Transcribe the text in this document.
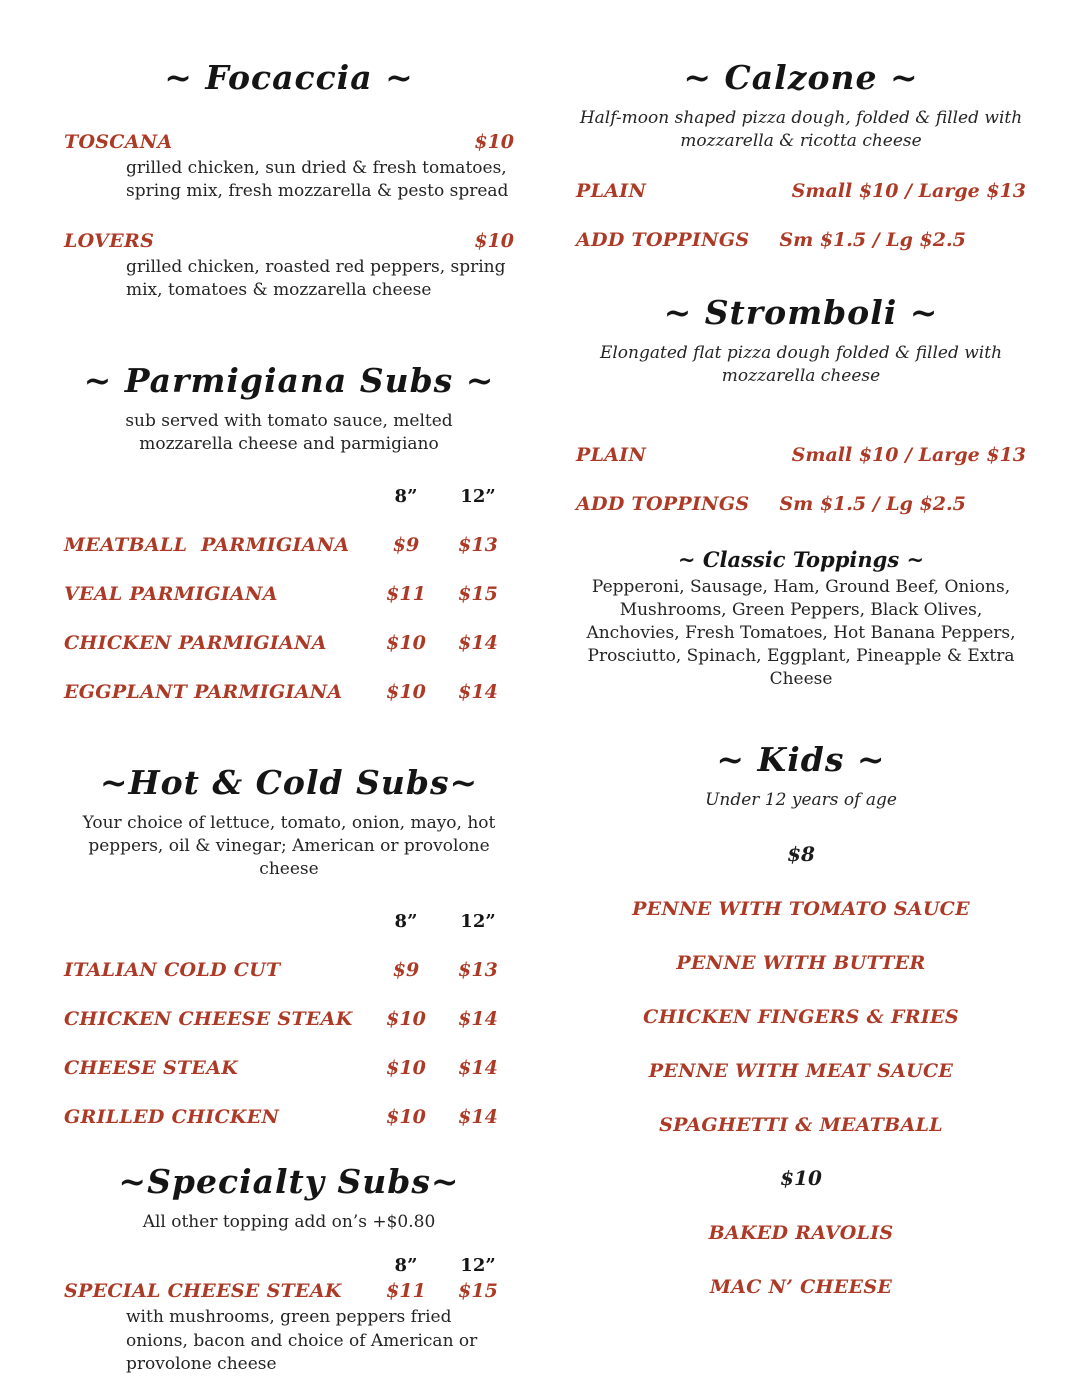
~ Focaccia ~
TOSCANA	$10

grilled chicken, sun dried & fresh tomatoes, spring mix, fresh mozzarella & pesto spread

LOVERS	$10

grilled chicken, roasted red peppers, spring mix, tomatoes & mozzarella cheese

~ Parmigiana Subs ~

sub served with tomato sauce, melted mozzarella cheese and parmigiano

8”	12”
MEATBALL  PARMIGIANA	$9	$13
VEAL PARMIGIANA	$11	$15
CHICKEN PARMIGIANA	$10	$14
EGGPLANT PARMIGIANA	$10	$14
~Hot & Cold Subs~

Your choice of lettuce, tomato, onion, mayo, hot peppers, oil & vinegar; American or provolone cheese

8”	12”
ITALIAN COLD CUT	$9	$13
CHICKEN CHEESE STEAK	$10	$14
CHEESE STEAK	$10	$14
GRILLED CHICKEN	$10	$14
~Specialty Subs~

All other topping add on’s +$0.80

8”	12”
SPECIAL CHEESE STEAK	$11	$15

with mushrooms, green peppers fried onions, bacon and choice of American or provolone cheese

~ Calzone ~

Half-moon shaped pizza dough, folded & filled with mozzarella & ricotta cheese

PLAIN	Small $10 / Large $13
ADD TOPPINGS Sm $1.5 / Lg $2.5
~ Stromboli ~

Elongated flat pizza dough folded & filled with mozzarella cheese

PLAIN	Small $10 / Large $13
ADD TOPPINGS Sm $1.5 / Lg $2.5
~ Classic Toppings ~

Pepperoni, Sausage, Ham, Ground Beef, Onions, Mushrooms, Green Peppers, Black Olives, Anchovies, Fresh Tomatoes, Hot Banana Peppers, Prosciutto, Spinach, Eggplant, Pineapple & Extra Cheese

~ Kids ~

Under 12 years of age

$8

PENNE WITH TOMATO SAUCE

PENNE WITH BUTTER

CHICKEN FINGERS & FRIES

PENNE WITH MEAT SAUCE

SPAGHETTI & MEATBALL

$10

BAKED RAVOLIS

MAC N’ CHEESE
